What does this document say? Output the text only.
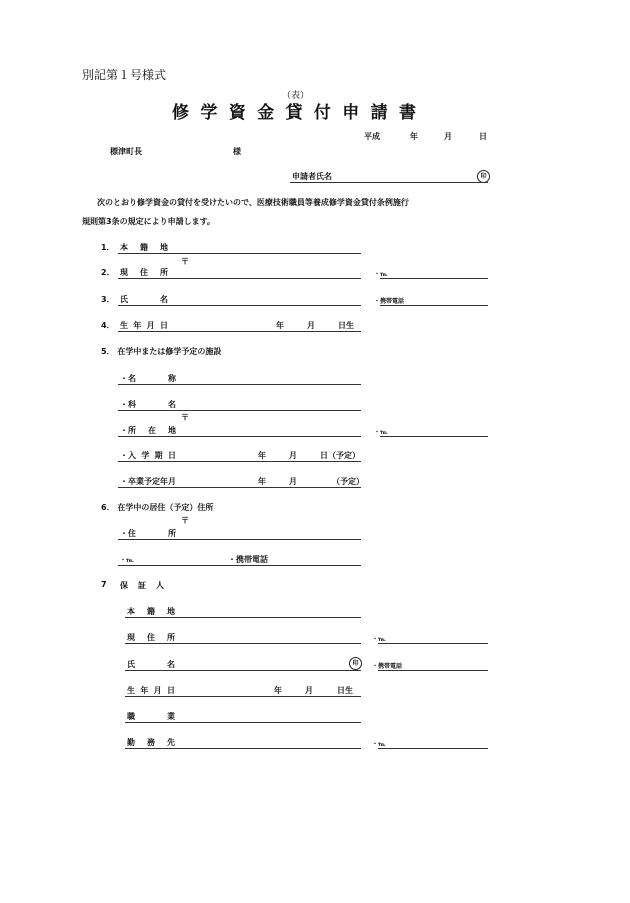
別記第１号様式
（表）
修 学 資 金 貸 付 申 請 書
平成	年	月	日
標津町長	様
申請者氏名	印
次のとおり修学資金の貸付を受けたいので、医療技術職員等養成修学資金貸付条例施行
規則第3条の規定により申請します。
1． 本 籍 地
〒
2． 現 住 所	・℡
3． 氏	名	・携帯電話
4． 生 年 月 日	年	月	日生
5． 在学中または修学予定の施設
・名	称
・科	名
〒
・所 在 地	・℡
・入 学 期 日	年	月	日（予定）
・卒業予定年月	年	月	（予定）
6． 在学中の居住（予定）住所
〒
・住	所
・℡	・携帯電話
7 保 証 人
本 籍 地
現 住 所	・℡
氏	名	印	・携帯電話
生 年 月 日	年	月	日生
職	業
勤 務 先	・℡
